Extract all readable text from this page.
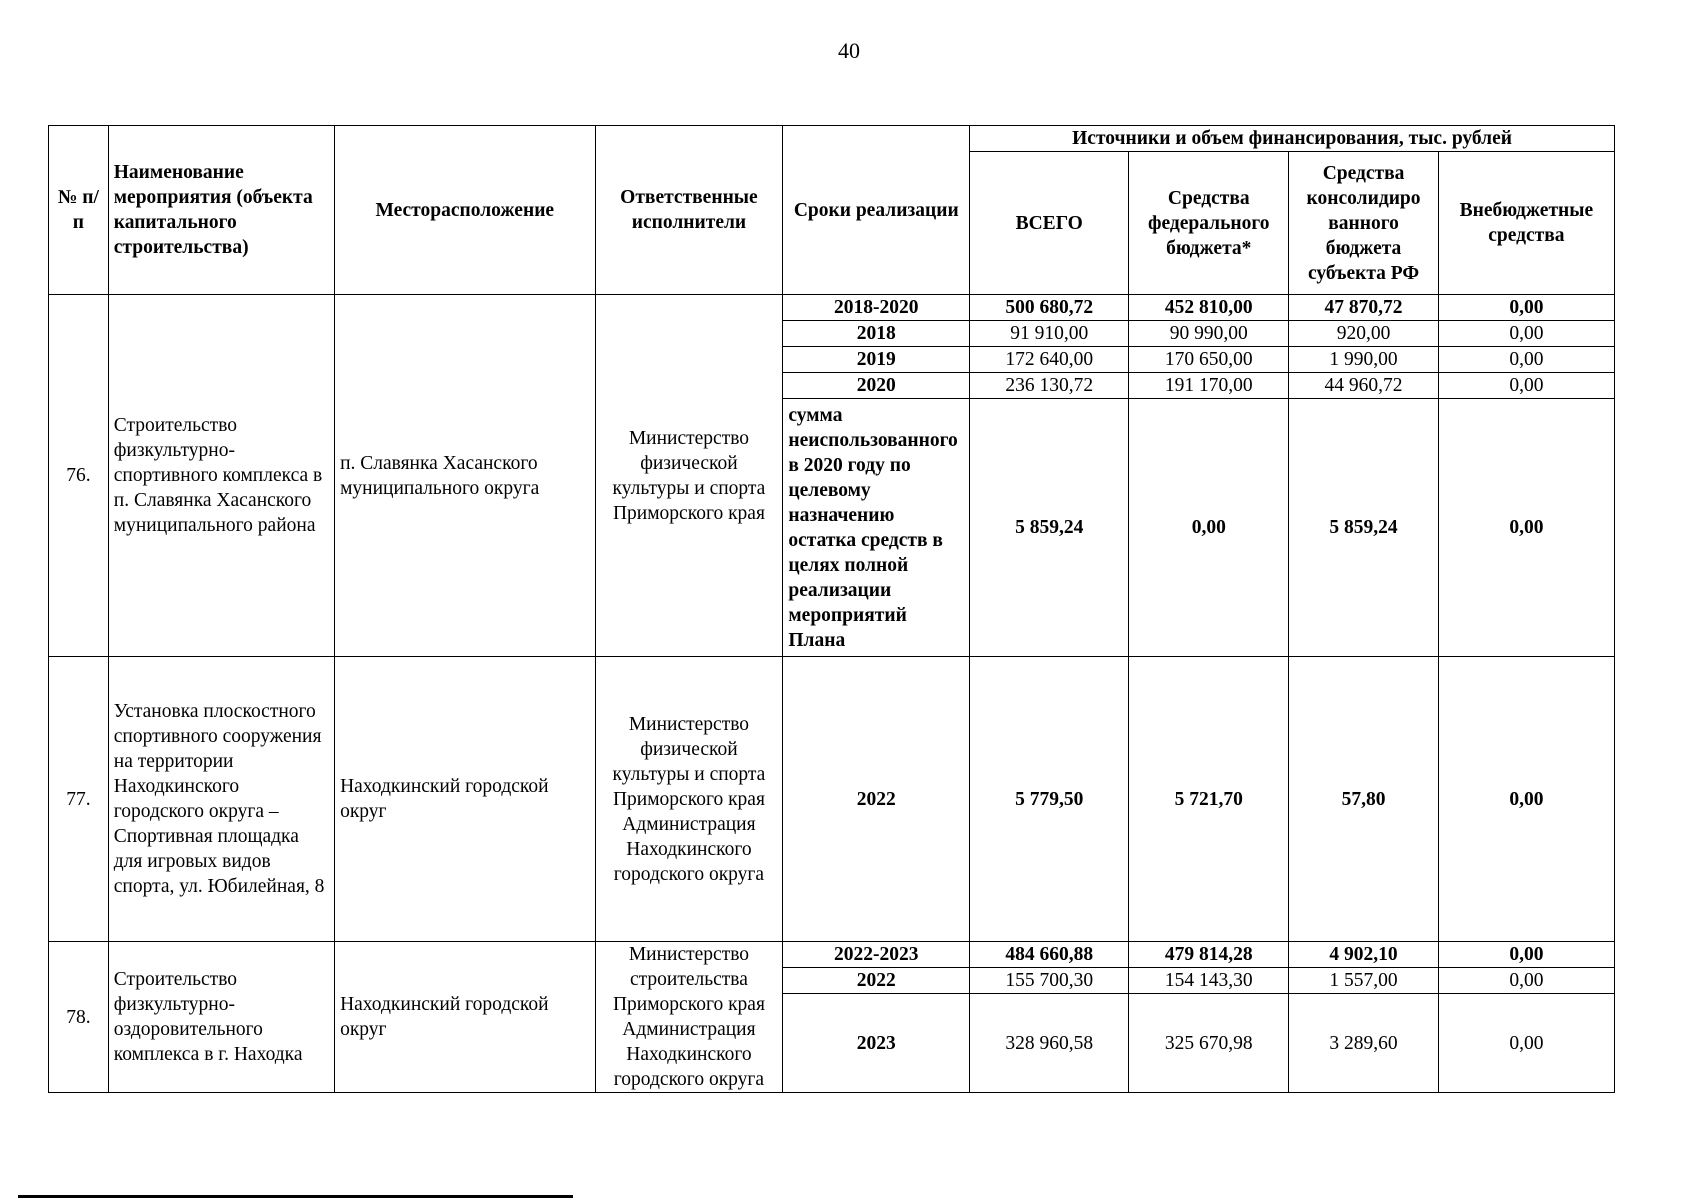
40
№ п/п	Наименование мероприятия (объекта капитального строительства)	Месторасположение	Ответственные исполнители	Сроки реализации	Источники и объем финансирования, тыс. рублей			
					ВСЕГО	Средства федерального бюджета*	Средства консолидиро ванного бюджета субъекта РФ	Внебюджетные средства
76.	Строительство физкультурно-спортивного комплекса в п. Славянка Хасанского муниципального района	п. Славянка Хасанского муниципального округа	Министерство физической культуры и спорта Приморского края	2018-2020	500 680,72	452 810,00	47 870,72	0,00
				2018	91 910,00	90 990,00	920,00	0,00
				2019	172 640,00	170 650,00	1 990,00	0,00
				2020	236 130,72	191 170,00	44 960,72	0,00
				сумма неиспользованного в 2020 году по целевому назначению остатка средств в целях полной реализации мероприятий Плана	5 859,24	0,00	5 859,24	0,00
77.	Установка плоскостного спортивного сооружения на территории Находкинского городского округа – Спортивная площадка для игровых видов спорта, ул. Юбилейная, 8	Находкинский городской округ	Министерство физической культуры и спорта Приморского края Администрация Находкинского городского округа	2022	5 779,50	5 721,70	57,80	0,00
78.	Строительство физкультурно-оздоровительного комплекса в г. Находка	Находкинский городской округ	Министерство строительства Приморского края Администрация Находкинского городского округа	2022-2023	484 660,88	479 814,28	4 902,10	0,00
				2022	155 700,30	154 143,30	1 557,00	0,00
				2023	328 960,58	325 670,98	3 289,60	0,00
